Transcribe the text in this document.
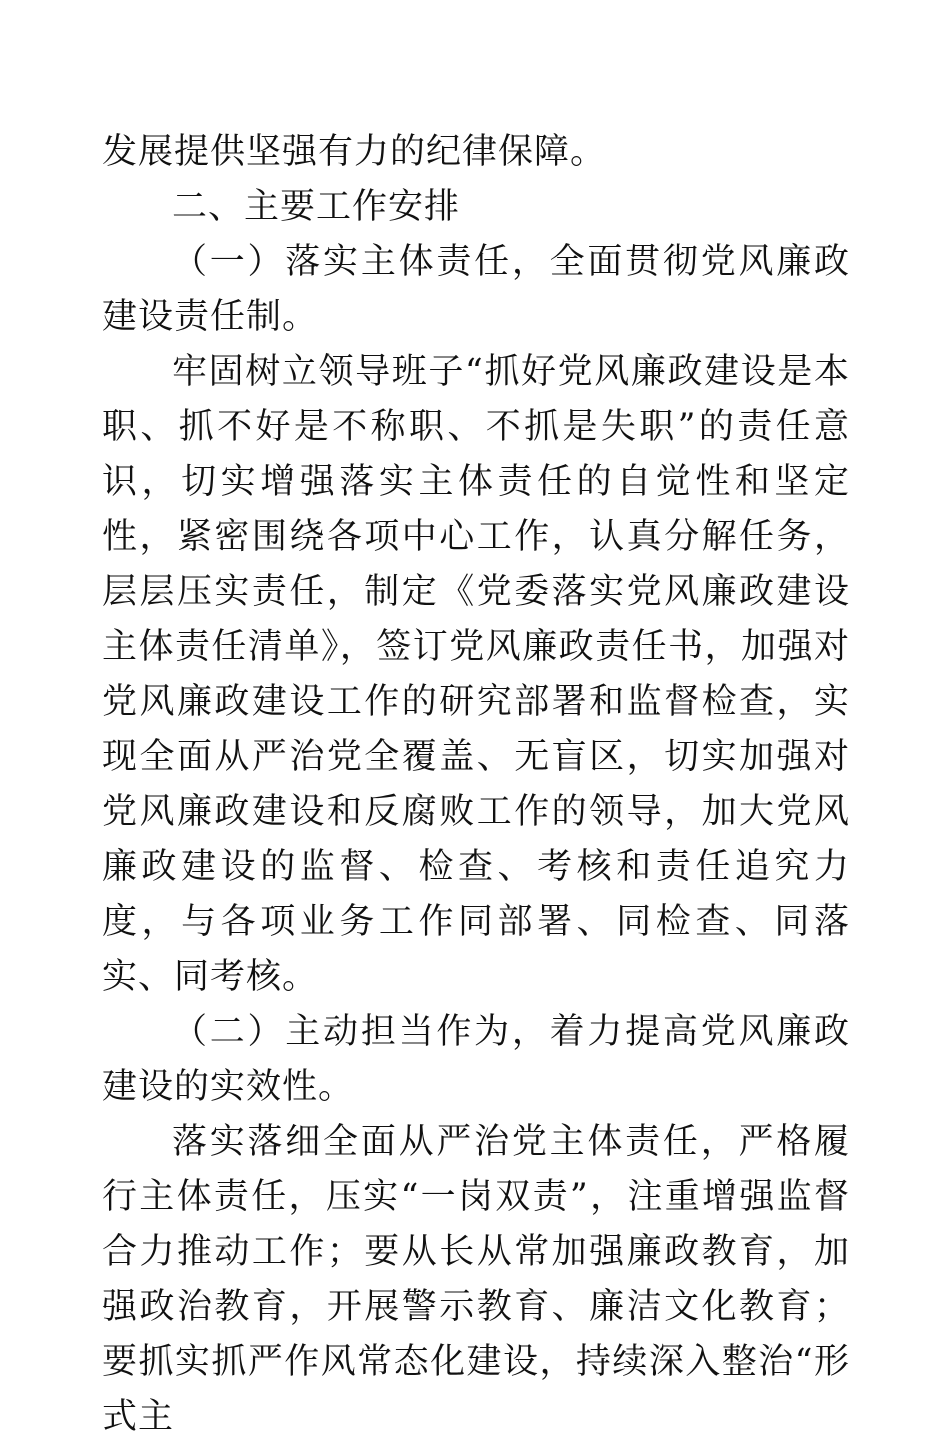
发展提供坚强有力的纪律保障。

二、主要工作安排

（一）落实主体责任，全面贯彻党风廉政建设责任制。

牢固树立领导班子“抓好党风廉政建设是本职、抓不好是不称职、不抓是失职”的责任意识，切实增强落实主体责任的自觉性和坚定性，紧密围绕各项中心工作，认真分解任务，层层压实责任，制定《党委落实党风廉政建设主体责任清单》，签订党风廉政责任书，加强对党风廉政建设工作的研究部署和监督检查，实现全面从严治党全覆盖、无盲区，切实加强对党风廉政建设和反腐败工作的领导，加大党风廉政建设的监督、检查、考核和责任追究力度，与各项业务工作同部署、同检查、同落实、同考核。

（二）主动担当作为，着力提高党风廉政建设的实效性。

落实落细全面从严治党主体责任，严格履行主体责任，压实“一岗双责”，注重增强监督合力推动工作；要从长从常加强廉政教育，加强政治教育，开展警示教育、廉洁文化教育；要抓实抓严作风常态化建设，持续深入整治“形式主
